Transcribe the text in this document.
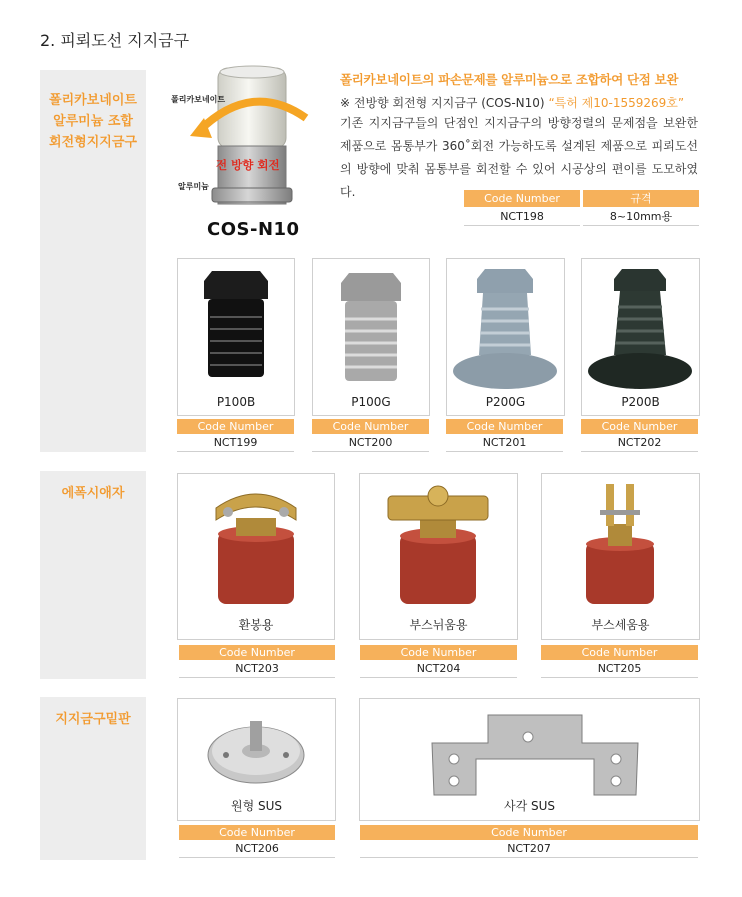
2. 피뢰도선 지지금구
폴리카보네이트
알루미늄 조합
회전형지지금구
폴리카보네이트
전 방향 회전
알루미늄
COS-N10
폴리카보네이트의 파손문제를 알루미늄으로 조합하여 단점 보완
※ 전방향 회전형 지지금구 (COS-N10) “특허 제10-1559269호”
기존 지지금구들의 단점인 지지금구의 방향정렬의 문제점을 보완한 제품으로 몸통부가 360˚회전 가능하도록 설계된 제품으로 피뢰도선의 방향에 맞춰 몸통부를 회전할 수 있어 시공상의 편이를 도모하였다.	Code Number	규격
NCT198	8~10mm용
P100B	P100G	P200G	P200B
Code Number	Code Number	Code Number	Code Number
NCT199	NCT200	NCT201	NCT202
에폭시애자
환봉용	부스뉘움용	부스세움용
Code Number	Code Number	Code Number
NCT203	NCT204	NCT205
지지금구밑판
원형 SUS	사각 SUS
Code Number	Code Number
NCT206	NCT207
